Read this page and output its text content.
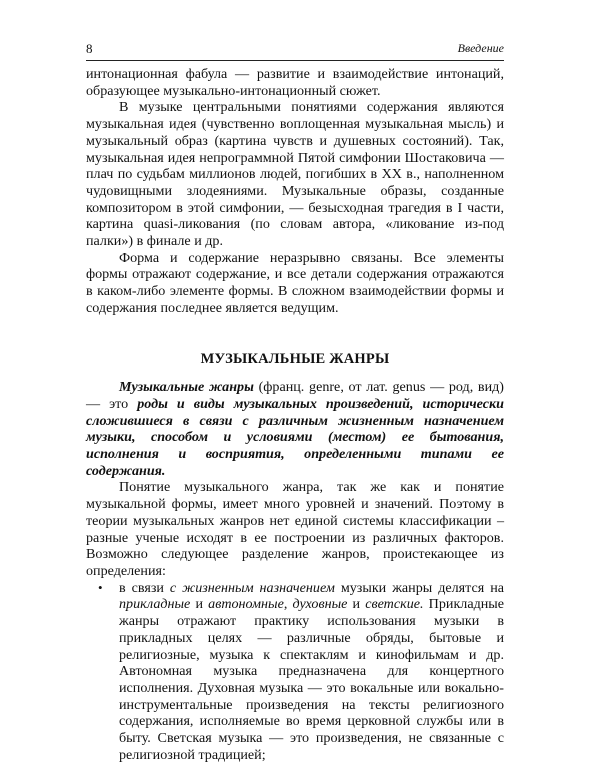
8	Введение

интонационная фабула — развитие и взаимодействие интонаций, образующее музыкально-интонационный сюжет.

В музыке центральными понятиями содержания являются музыкальная идея (чувственно воплощенная музыкальная мысль) и музыкальный образ (картина чувств и душевных состояний). Так, музыкальная идея непрограммной Пятой симфонии Шостаковича — плач по судьбам миллионов людей, погибших в XX в., наполненном чудовищными злодеяниями. Музыкальные образы, созданные композитором в этой симфонии, — безысходная трагедия в I части, картина quasi-ликования (по словам автора, «ликование из-под палки») в финале и др.

Форма и содержание неразрывно связаны. Все элементы формы отражают содержание, и все детали содержания отражаются в каком-либо элементе формы. В сложном взаимодействии формы и содержания последнее является ведущим.

МУЗЫКАЛЬНЫЕ ЖАНРЫ

Музыкальные жанры (франц. genre, от лат. genus — род, вид) — это роды и виды музыкальных произведений, исторически сложившиеся в связи с различным жизненным назначением музыки, способом и условиями (местом) ее бытования, исполнения и восприятия, определенными типами ее содержания.

Понятие музыкального жанра, так же как и понятие музыкальной формы, имеет много уровней и значений. Поэтому в теории музыкальных жанров нет единой системы классификации – разные ученые исходят в ее построении из различных факторов. Возможно следующее разделение жанров, проистекающее из определения:

• в связи с жизненным назначением музыки жанры делятся на прикладные и автономные, духовные и светские. Прикладные жанры отражают практику использования музыки в прикладных целях — различные обряды, бытовые и религиозные, музыка к спектаклям и кинофильмам и др. Автономная музыка предназначена для концертного исполнения. Духовная музыка — это вокальные или вокально-инструментальные произведения на тексты религиозного содержания, исполняемые во время церковной службы или в быту. Светская музыка — это произведения, не связанные с религиозной традицией;
